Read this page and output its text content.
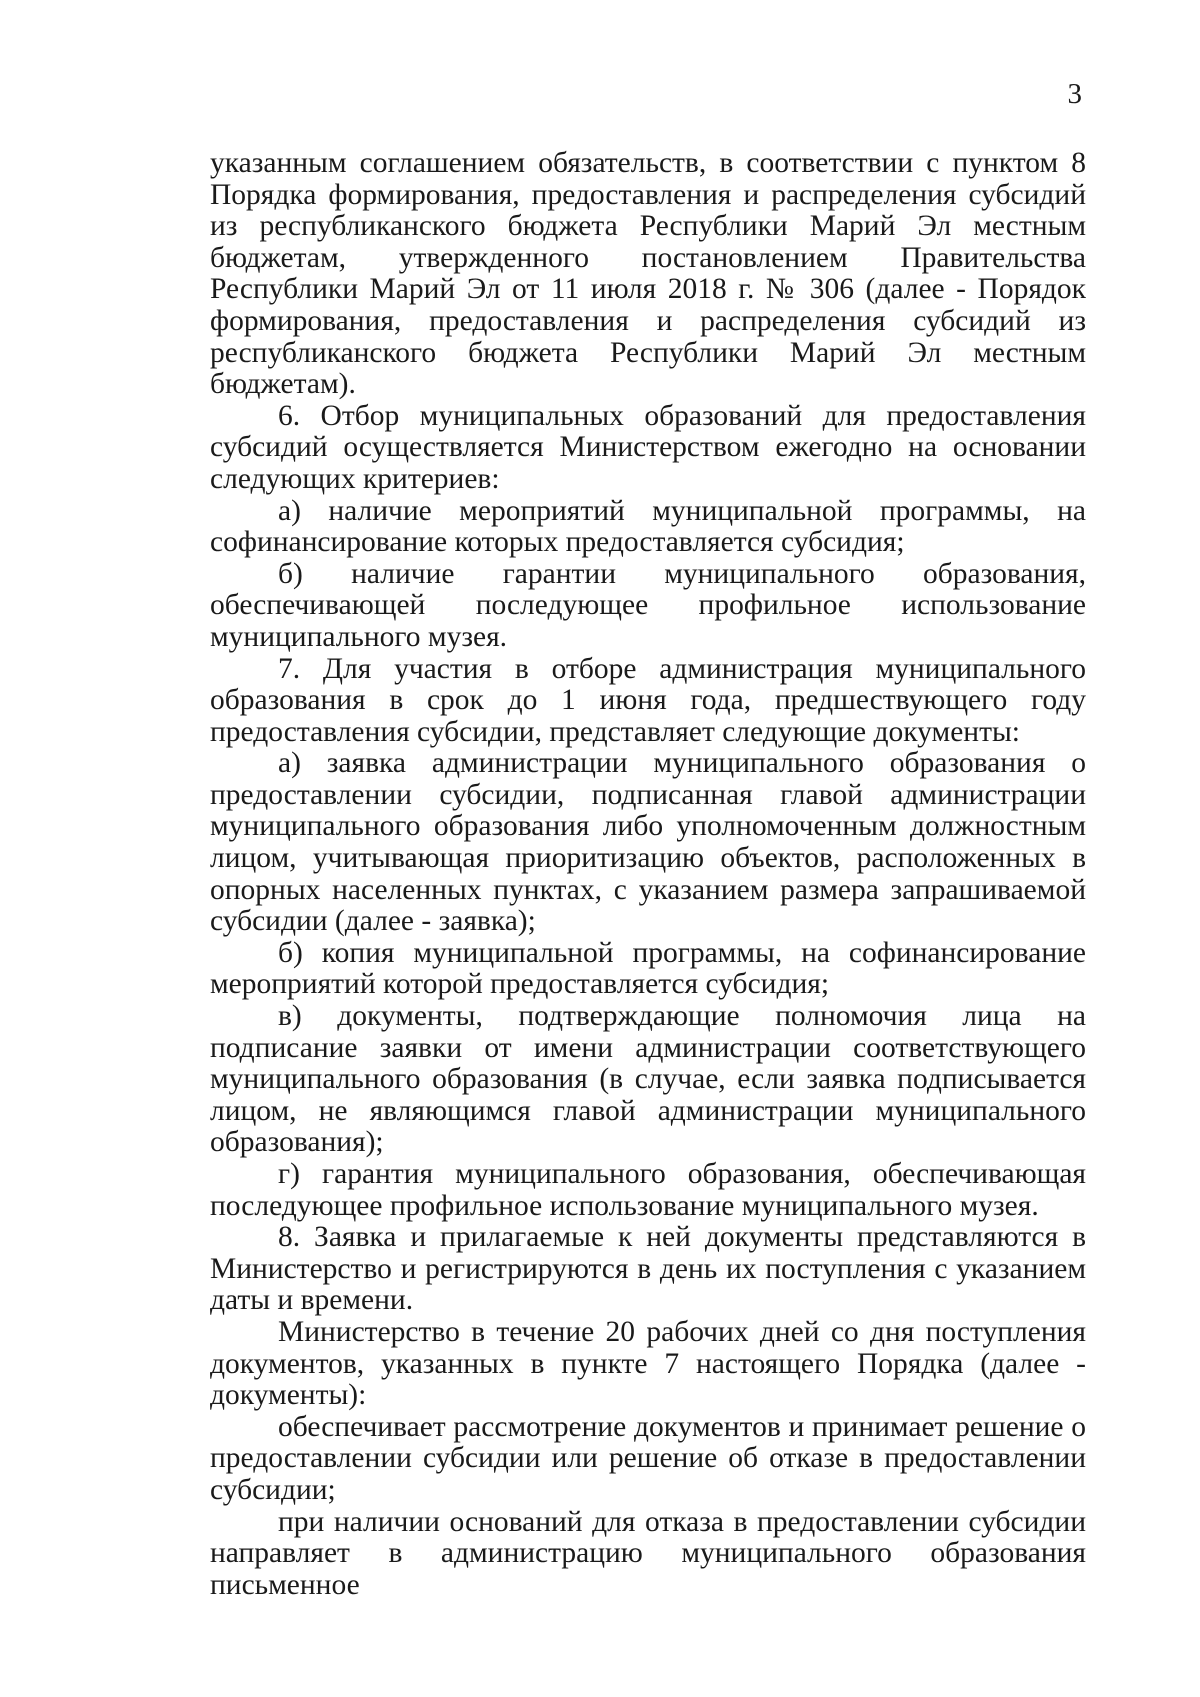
3

указанным соглашением обязательств, в соответствии с пунктом 8 Порядка формирования, предоставления и распределения субсидий из республиканского бюджета Республики Марий Эл местным бюджетам, утвержденного постановлением Правительства Республики Марий Эл от 11 июля 2018 г. № 306 (далее - Порядок формирования, предоставления и распределения субсидий из республиканского бюджета Республики Марий Эл местным бюджетам).

6. Отбор муниципальных образований для предоставления субсидий осуществляется Министерством ежегодно на основании следующих критериев:

а) наличие мероприятий муниципальной программы, на софинансирование которых предоставляется субсидия;

б) наличие гарантии муниципального образования, обеспечивающей последующее профильное использование муниципального музея.

7. Для участия в отборе администрация муниципального образования в срок до 1 июня года, предшествующего году предоставления субсидии, представляет следующие документы:

а) заявка администрации муниципального образования о предоставлении субсидии, подписанная главой администрации муниципального образования либо уполномоченным должностным лицом, учитывающая приоритизацию объектов, расположенных в опорных населенных пунктах, с указанием размера запрашиваемой субсидии (далее - заявка);

б) копия муниципальной программы, на софинансирование мероприятий которой предоставляется субсидия;

в) документы, подтверждающие полномочия лица на подписание заявки от имени администрации соответствующего муниципального образования (в случае, если заявка подписывается лицом, не являющимся главой администрации муниципального образования);

г) гарантия муниципального образования, обеспечивающая последующее профильное использование муниципального музея.

8. Заявка и прилагаемые к ней документы представляются в Министерство и регистрируются в день их поступления с указанием даты и времени.

Министерство в течение 20 рабочих дней со дня поступления документов, указанных в пункте 7 настоящего Порядка (далее - документы):

обеспечивает рассмотрение документов и принимает решение о предоставлении субсидии или решение об отказе в предоставлении субсидии;

при наличии оснований для отказа в предоставлении субсидии направляет в администрацию муниципального образования письменное
